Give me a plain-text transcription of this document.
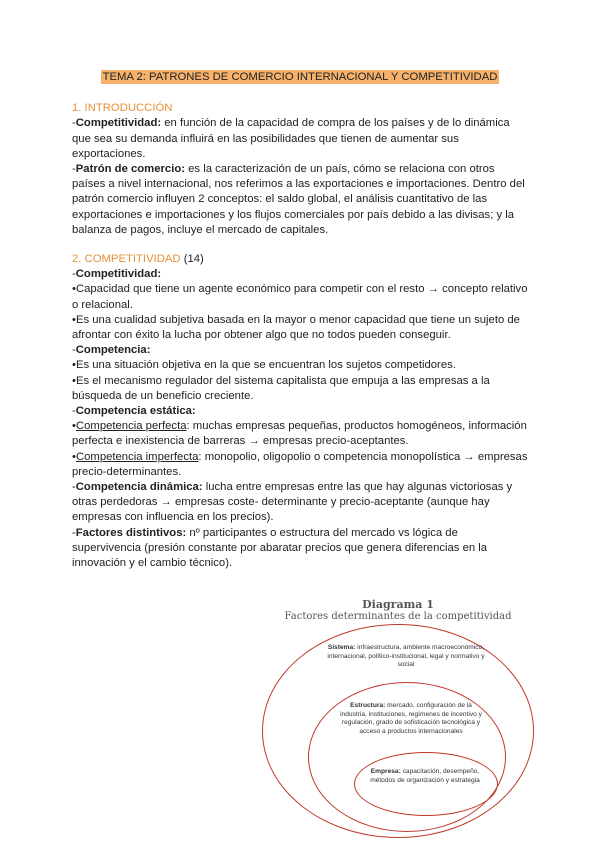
TEMA 2: PATRONES DE COMERCIO INTERNACIONAL Y COMPETITIVIDAD

1. INTRODUCCIÓN

-Competitividad: en función de la capacidad de compra de los países y de lo dinámica que sea su demanda influirá en las posibilidades que tienen de aumentar sus exportaciones.

-Patrón de comercio: es la caracterización de un país, cómo se relaciona con otros países a nivel internacional, nos referimos a las exportaciones e importaciones. Dentro del patrón comercio influyen 2 conceptos: el saldo global, el análisis cuantitativo de las exportaciones e importaciones y los flujos comerciales por país debido a las divisas; y la balanza de pagos, incluye el mercado de capitales.

2. COMPETITIVIDAD (14)

-Competitividad:

•Capacidad que tiene un agente económico para competir con el resto → concepto relativo o relacional.

•Es una cualidad subjetiva basada en la mayor o menor capacidad que tiene un sujeto de afrontar con éxito la lucha por obtener algo que no todos pueden conseguir.

-Competencia:

•Es una situación objetiva en la que se encuentran los sujetos competidores.

•Es el mecanismo regulador del sistema capitalista que empuja a las empresas a la búsqueda de un beneficio creciente.

-Competencia estática:

•Competencia perfecta: muchas empresas pequeñas, productos homogéneos, información perfecta e inexistencia de barreras → empresas precio-aceptantes.

•Competencia imperfecta: monopolio, oligopolio o competencia monopolística → empresas precio-determinantes.

-Competencia dinámica: lucha entre empresas entre las que hay algunas victoriosas y otras perdedoras → empresas coste- determinante y precio-aceptante (aunque hay empresas con influencia en los precios).

-Factores distintivos: nº participantes o estructura del mercado vs lógica de supervivencia (presión constante por abaratar precios que genera diferencias en la innovación y el cambio técnico).

Diagrama 1
Factores determinantes de la competitividad
Sistema: infraestructura, ambiente macroeconómico, internacional, político-institucional, legal y normativo y social
Estructura: mercado, configuración de la industria, instituciones, regímenes de incentivo y regulación, grado de sofisticación tecnológica y acceso a productos internacionales
Empresa: capacitación, desempeño, métodos de organización y estrategia
